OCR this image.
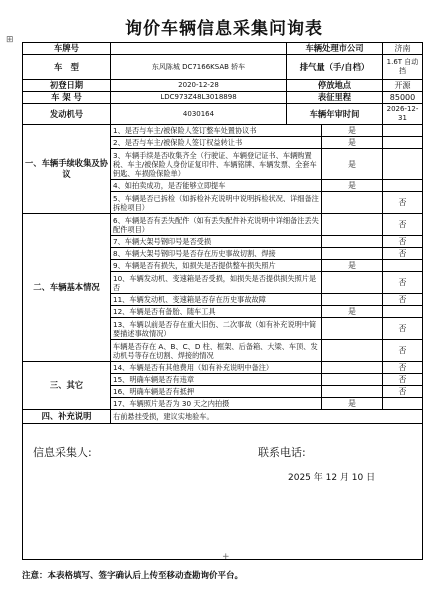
⊞
询价车辆信息采集问询表
车牌号		车辆处理市公司		济南
车　型	东风陈城 DC7166KSAB 轿车	排气量（手/自档）		1.6T 自动挡
初登日期	2020-12-28	停放地点		开源
车 架 号	LDC973Z48L3018898	表征里程		85000
发动机号	4030164	车辆年审时间		2026-12-31
一、车辆手续收集及协议	1、是否与车主/被保险人签订整车处置协议书		是	
	2、是否与车主/被保险人签订权益转让书		是	
	3、车辆手续是否收集齐全（行驶证、车辆登记证书、车辆购置税、车主/被保险人身份证复印件、车辆铭牌、车辆发票、全套车钥匙、车损险保险单）		是	
	4、如拍卖成功，是否能够立即提车		是	
	5、车辆是否已拆检（如拆检补充说明中说明拆检状况、详细备注拆检项目）			否
二、车辆基本情况	6、车辆是否有丢失配件（如有丢失配件补充说明中详细备注丢失配件项目）			否
	7、车辆大架号钢印号是否受损			否
	8、车辆大架号钢印号是否存在历史事故切割、焊接			否
	9、车辆是否有损失，如损失是否提供整车损失照片		是	
	10、车辆发动机、变速箱是否受损，如损失是否提供损失照片是否			否
	11、车辆发动机、变速箱是否存在历史事故故障			否
	12、车辆是否有备胎、随车工具		是	
	13、车辆以前是否存在重大旧伤、二次事故（如有补充说明中简要描述事故情况）			否
	车辆是否存在 A、B、C、D 柱、框架、后备箱、大梁、车顶、发动机号等存在切割、焊接的情况			否
三、其它	14、车辆是否有其他费用（如有补充说明中备注）			否
	15、明确车辆是否有违章			否
	16、明确车辆是否有抵押			否
	17、车辆照片是否为 30 天之内拍摄		是	
四、补充说明	右前悬挂受损，建议实地验车。			

信息采集人: 联系电话:
2025 年 12 月 10 日				
+
注意：本表格填写、签字确认后上传至移动查勘询价平台。
